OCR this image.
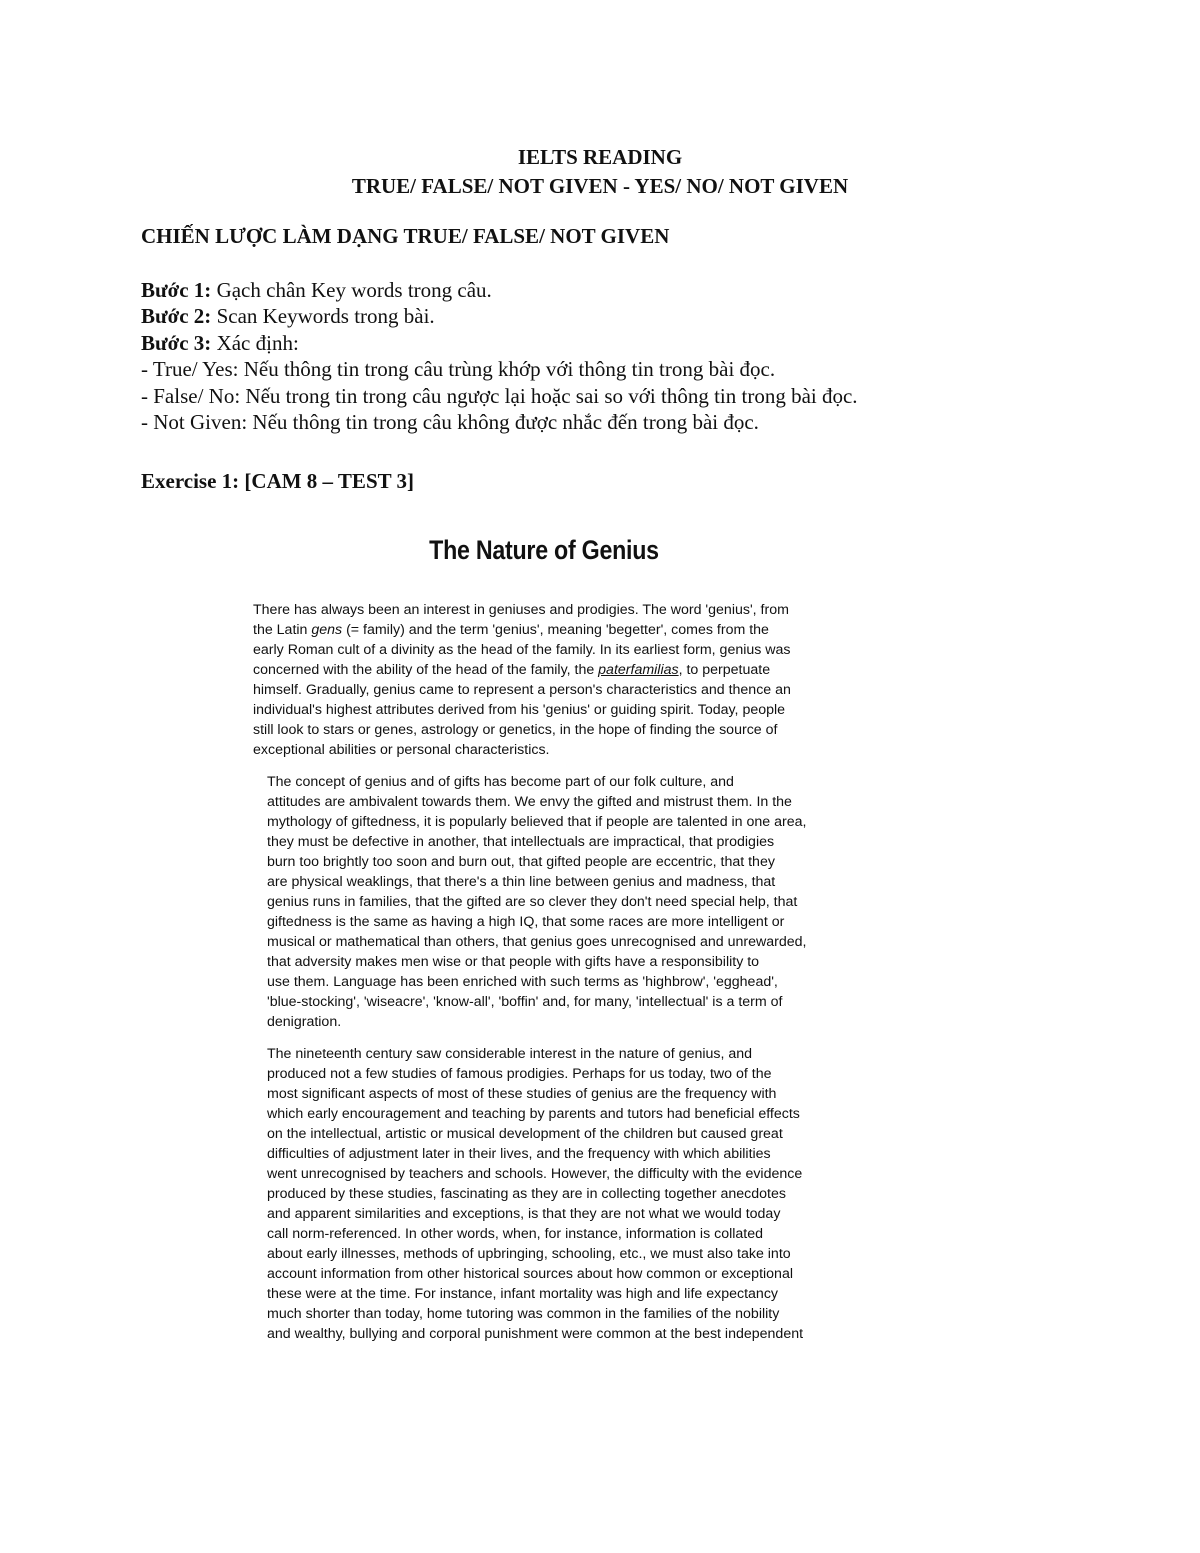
IELTS READING
TRUE/ FALSE/ NOT GIVEN - YES/ NO/ NOT GIVEN
CHIẾN LƯỢC LÀM DẠNG TRUE/ FALSE/ NOT GIVEN
Bước 1: Gạch chân Key words trong câu.
Bước 2: Scan Keywords trong bài.
Bước 3: Xác định:
- True/ Yes: Nếu thông tin trong câu trùng khớp với thông tin trong bài đọc.
- False/ No: Nếu trong tin trong câu ngược lại hoặc sai so với thông tin trong bài đọc.
- Not Given: Nếu thông tin trong câu không được nhắc đến trong bài đọc.
Exercise 1: [CAM 8 – TEST 3]
The Nature of Genius

There has always been an interest in geniuses and prodigies. The word 'genius', from
the Latin gens (= family) and the term 'genius', meaning 'begetter', comes from the
early Roman cult of a divinity as the head of the family. In its earliest form, genius was
concerned with the ability of the head of the family, the paterfamilias, to perpetuate
himself. Gradually, genius came to represent a person's characteristics and thence an
individual's highest attributes derived from his 'genius' or guiding spirit. Today, people
still look to stars or genes, astrology or genetics, in the hope of finding the source of
exceptional abilities or personal characteristics.

The concept of genius and of gifts has become part of our folk culture, and
attitudes are ambivalent towards them. We envy the gifted and mistrust them. In the
mythology of giftedness, it is popularly believed that if people are talented in one area,
they must be defective in another, that intellectuals are impractical, that prodigies
burn too brightly too soon and burn out, that gifted people are eccentric, that they
are physical weaklings, that there's a thin line between genius and madness, that
genius runs in families, that the gifted are so clever they don't need special help, that
giftedness is the same as having a high IQ, that some races are more intelligent or
musical or mathematical than others, that genius goes unrecognised and unrewarded,
that adversity makes men wise or that people with gifts have a responsibility to
use them. Language has been enriched with such terms as 'highbrow', 'egghead',
'blue-stocking', 'wiseacre', 'know-all', 'boffin' and, for many, 'intellectual' is a term of
denigration.

The nineteenth century saw considerable interest in the nature of genius, and
produced not a few studies of famous prodigies. Perhaps for us today, two of the
most significant aspects of most of these studies of genius are the frequency with
which early encouragement and teaching by parents and tutors had beneficial effects
on the intellectual, artistic or musical development of the children but caused great
difficulties of adjustment later in their lives, and the frequency with which abilities
went unrecognised by teachers and schools. However, the difficulty with the evidence
produced by these studies, fascinating as they are in collecting together anecdotes
and apparent similarities and exceptions, is that they are not what we would today
call norm-referenced. In other words, when, for instance, information is collated
about early illnesses, methods of upbringing, schooling, etc., we must also take into
account information from other historical sources about how common or exceptional
these were at the time. For instance, infant mortality was high and life expectancy
much shorter than today, home tutoring was common in the families of the nobility
and wealthy, bullying and corporal punishment were common at the best independent
